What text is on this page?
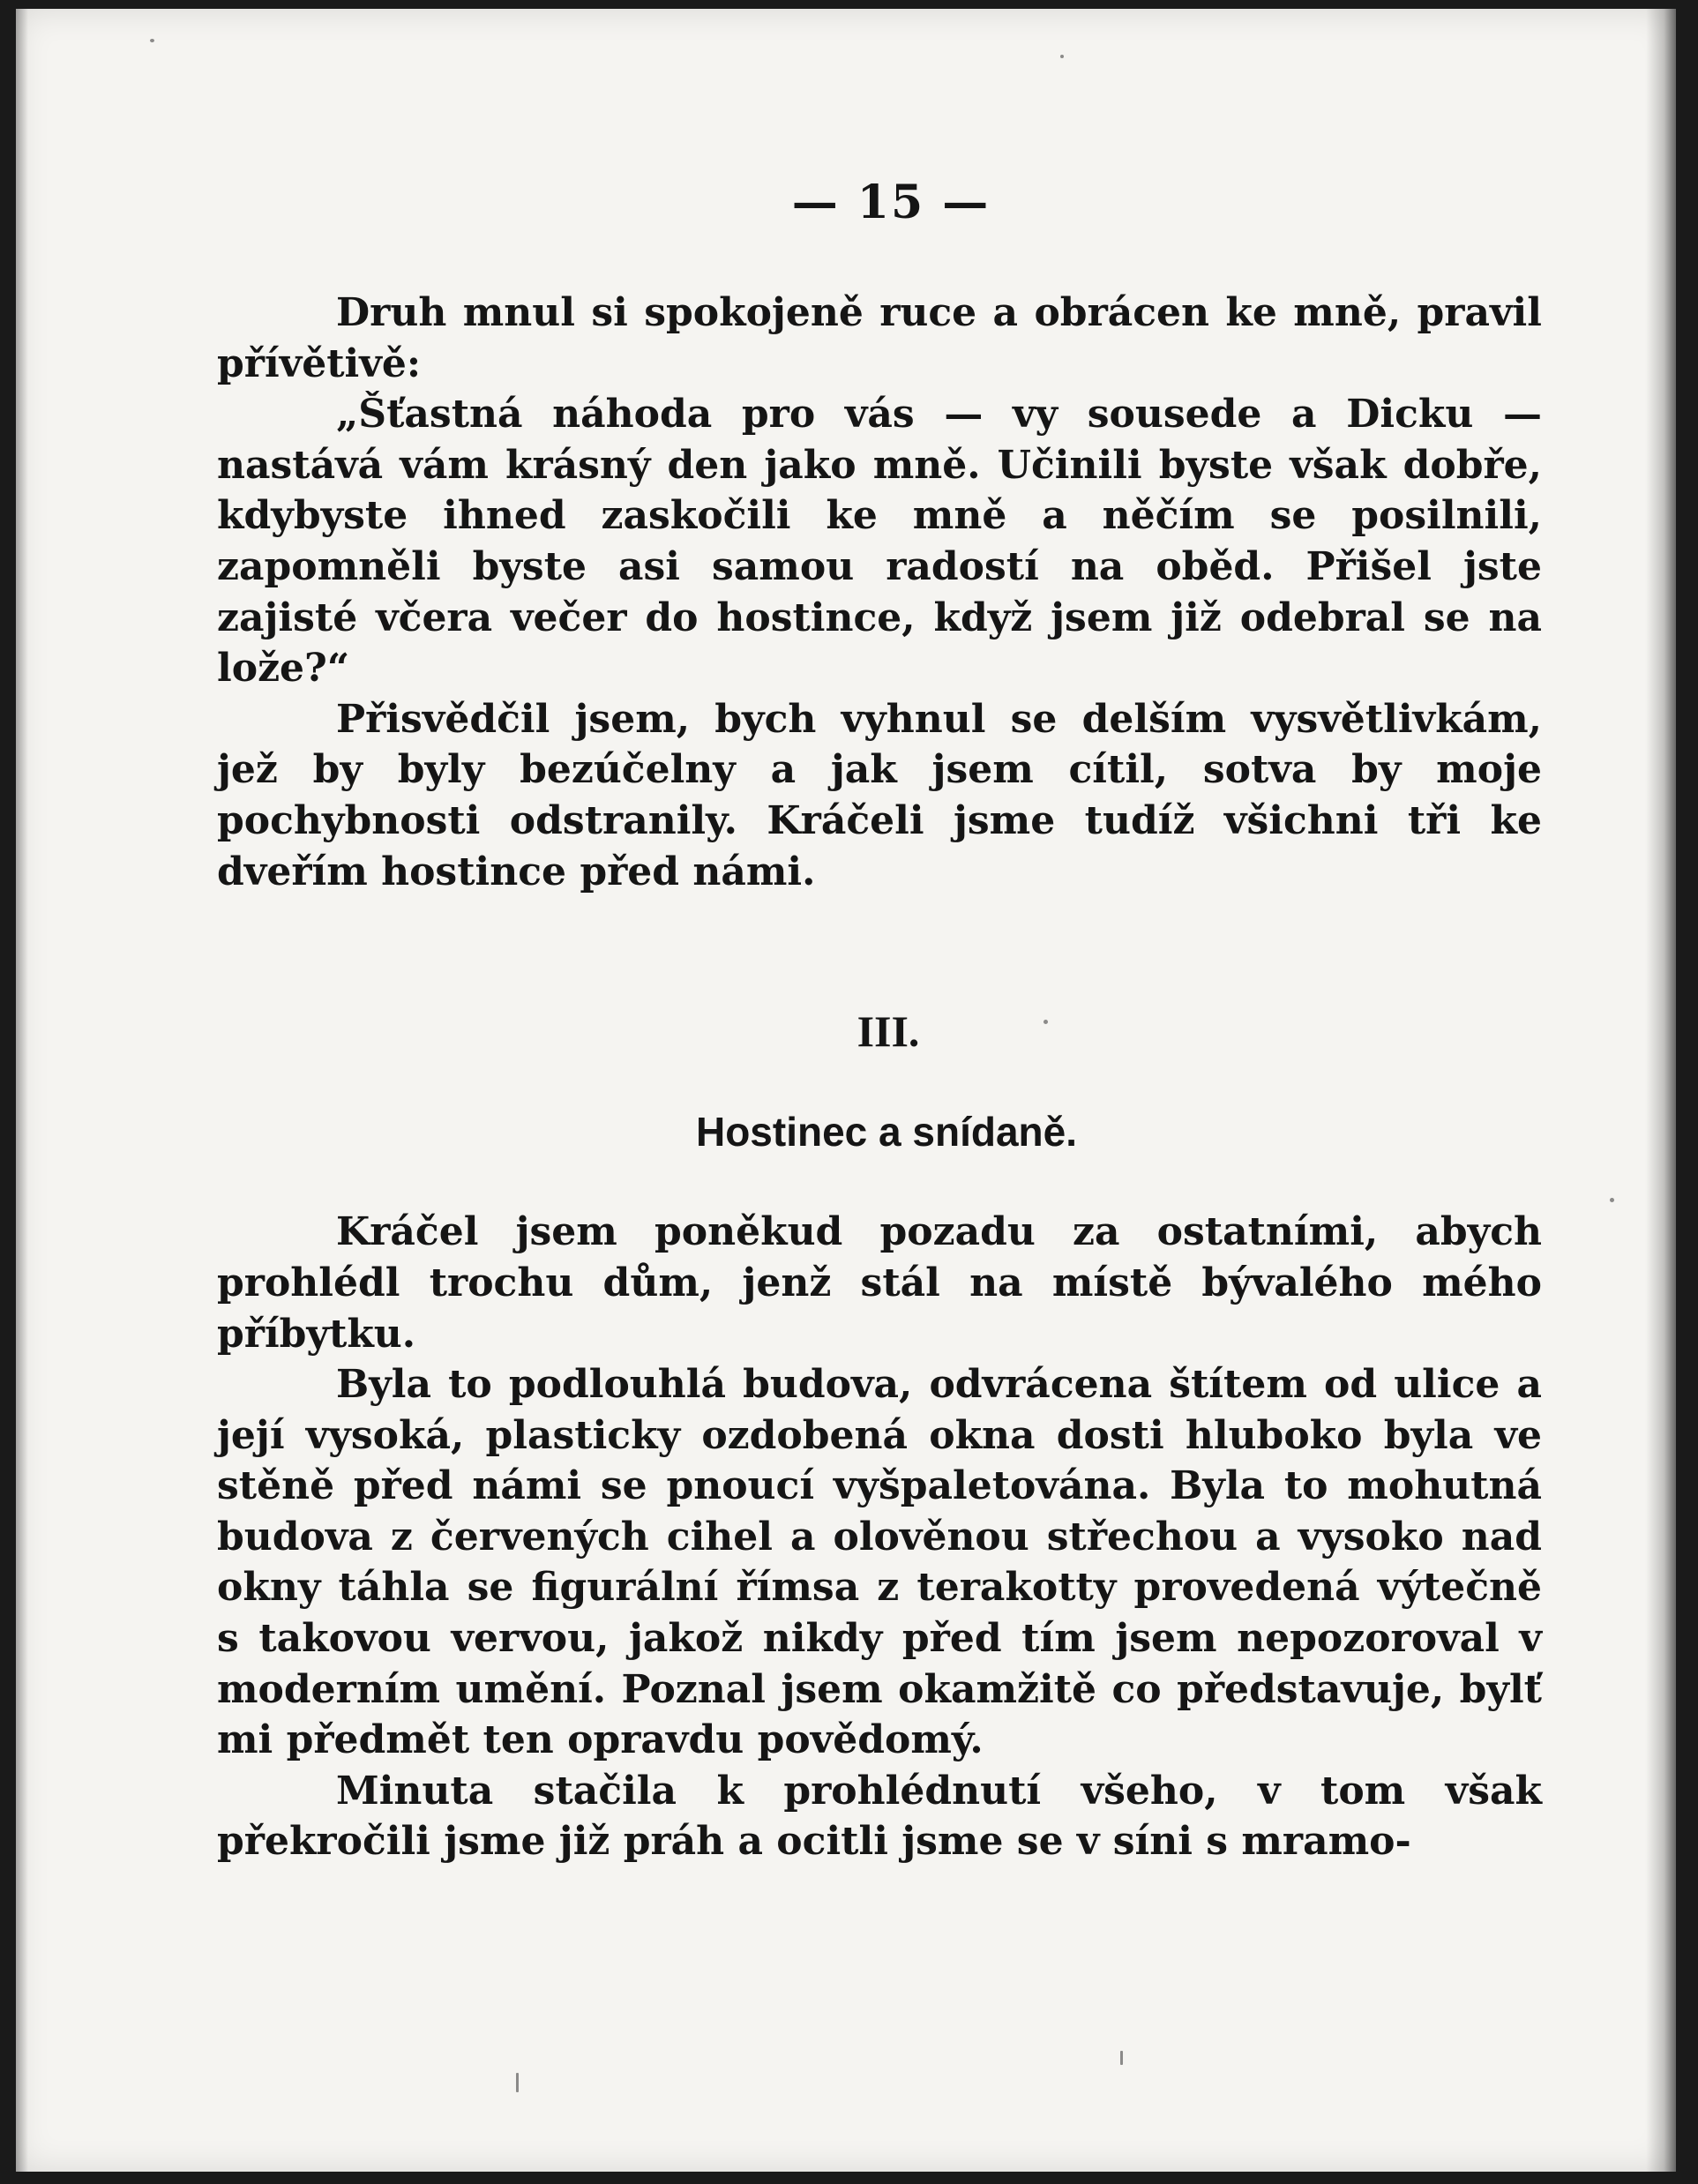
— 15 —

Druh mnul si spokojeně ruce a obrácen ke mně, pravil přívětivě:

„Šťastná náhoda pro vás — vy sousede a Dicku — nastává vám krásný den jako mně. Učinili byste však dobře, kdybyste ihned zaskočili ke mně a něčím se posilnili, zapomněli byste asi samou radostí na oběd. Přišel jste zajisté včera večer do hostince, když jsem již odebral se na lože?“

Přisvědčil jsem, bych vyhnul se delším vysvětlivkám, jež by byly bezúčelny a jak jsem cítil, sotva by moje pochybnosti odstranily. Kráčeli jsme tudíž všichni tři ke dveřím hostince před námi.

III.
Hostinec a snídaně.

Kráčel jsem poněkud pozadu za ostatními, abych prohlédl trochu dům, jenž stál na místě bývalého mého příbytku.

Byla to podlouhlá budova, odvrácena štítem od ulice a její vysoká, plasticky ozdobená okna dosti hluboko byla ve stěně před námi se pnoucí vyšpaletována. Byla to mohutná budova z červených cihel a olověnou střechou a vysoko nad okny táhla se figurální římsa z terakotty provedená výtečně s takovou vervou, jakož nikdy před tím jsem nepozoroval v moderním umění. Poznal jsem okamžitě co představuje, bylť mi předmět ten opravdu povědomý.

Minuta stačila k prohlédnutí všeho, v tom však překročili jsme již práh a ocitli jsme se v síni s mramo-
